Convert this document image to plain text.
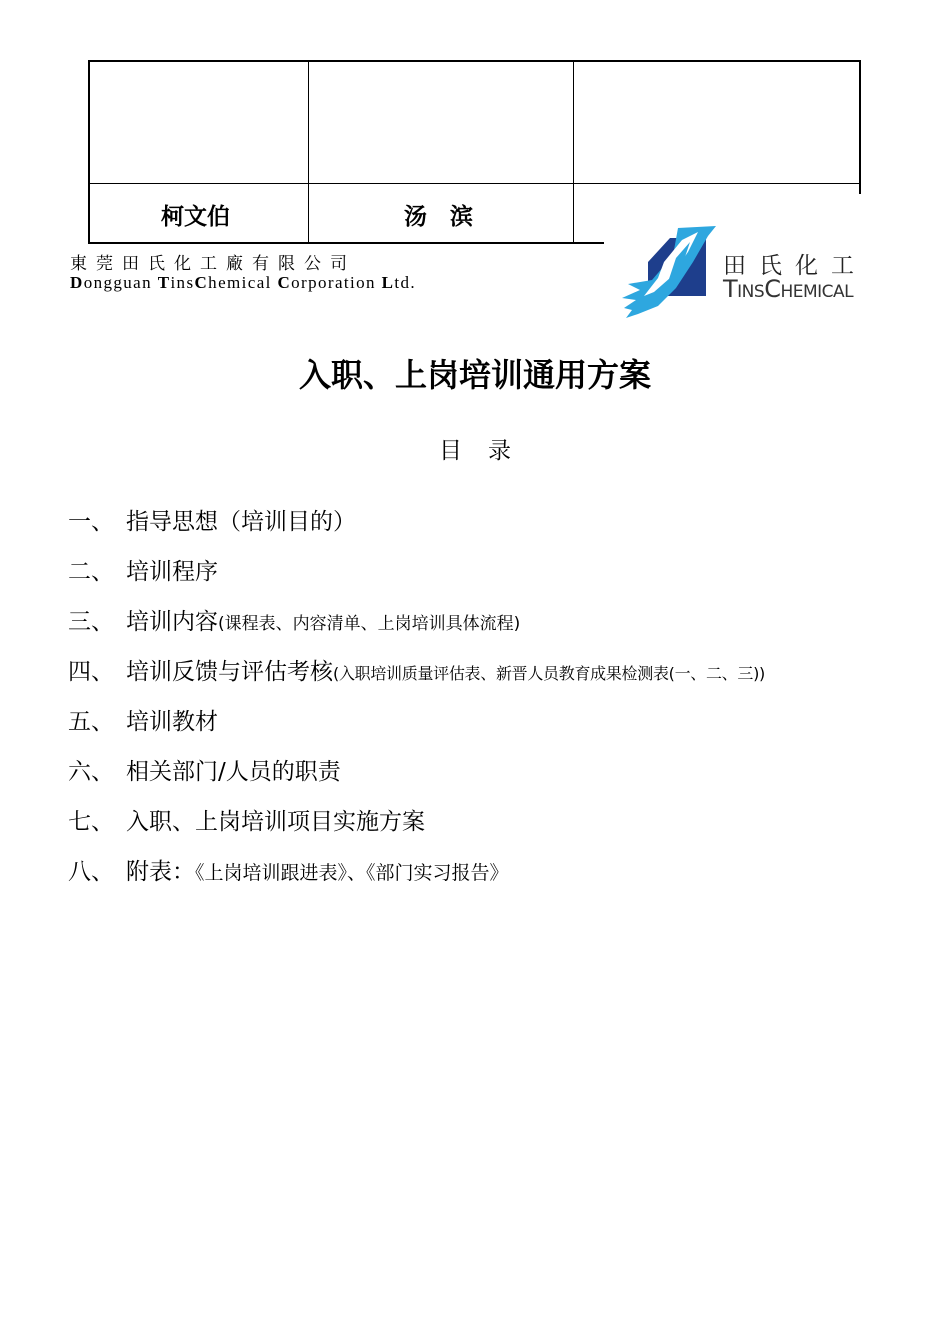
柯文伯	汤　滨
東莞田氏化工廠有限公司
Dongguan TinsChemical Corporation Ltd.
田氏化工
TINSCHEMICAL
入职、上岗培训通用方案
目录
一、 指导思想（培训目的）
二、 培训程序
三、 培训内容(课程表、内容清单、上岗培训具体流程)
四、 培训反馈与评估考核(入职培训质量评估表、新晋人员教育成果检测表(一、二、三))
五、 培训教材
六、 相关部门/人员的职责
七、 入职、上岗培训项目实施方案
八、 附表：《上岗培训跟进表》、《部门实习报告》
